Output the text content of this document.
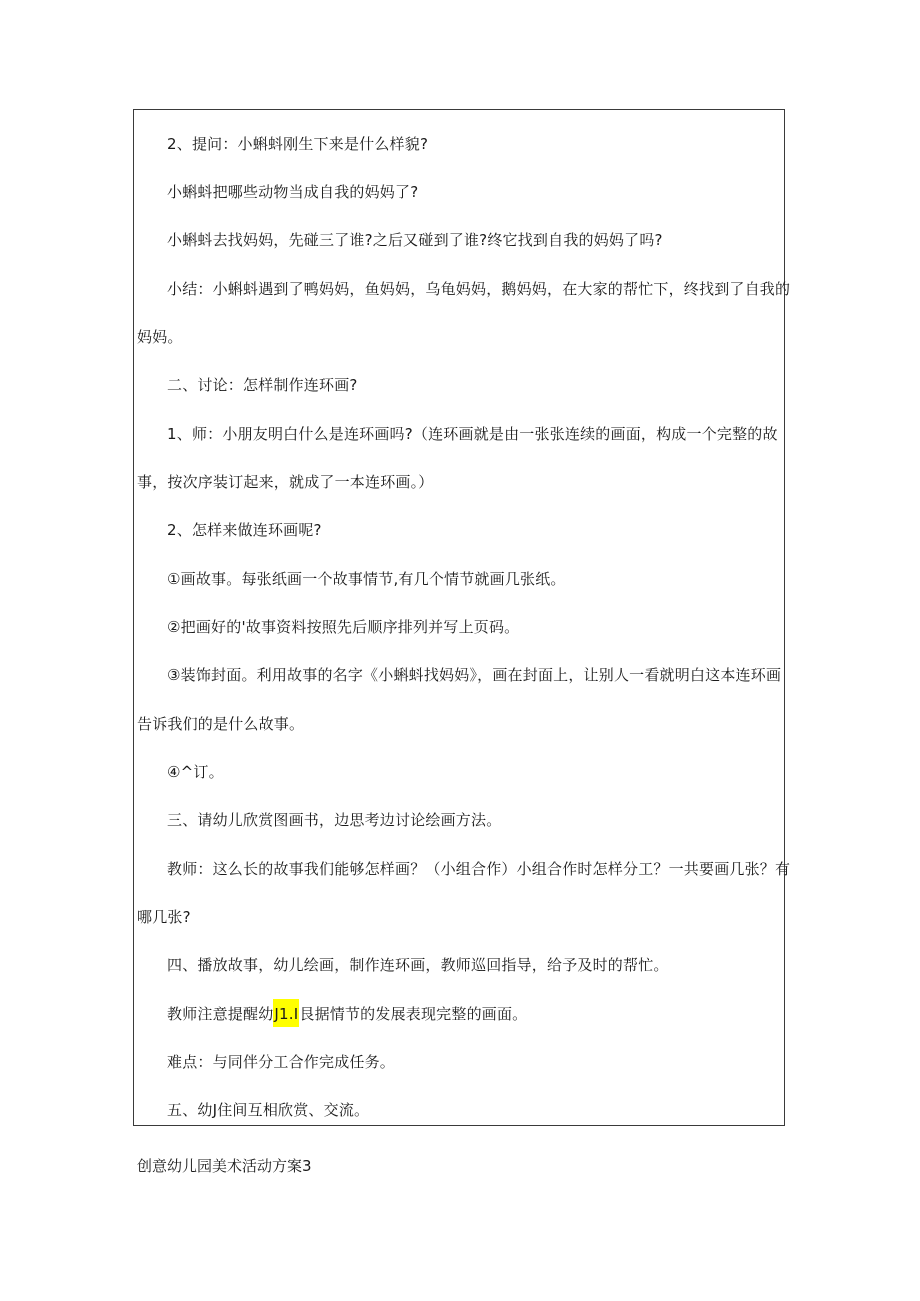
2、提问：小蝌蚪刚生下来是什么样貌?
小蝌蚪把哪些动物当成自我的妈妈了?
小蝌蚪去找妈妈，先碰三了谁?之后又碰到了谁?终它找到自我的妈妈了吗?
小结：小蝌蚪遇到了鸭妈妈，鱼妈妈，乌龟妈妈，鹅妈妈，在大家的帮忙下，终找到了自我的
妈妈。
二、讨论：怎样制作连环画?
1、师：小朋友明白什么是连环画吗?（连环画就是由一张张连续的画面，构成一个完整的故
事，按次序装订起来，就成了一本连环画。）
2、怎样来做连环画呢?
①画故事。每张纸画一个故事情节,有几个情节就画几张纸。
②把画好的'故事资料按照先后顺序排列并写上页码。
③装饰封面。利用故事的名字《小蝌蚪找妈妈》，画在封面上，让别人一看就明白这本连环画
告诉我们的是什么故事。
④^订。
三、请幼儿欣赏图画书，边思考边讨论绘画方法。
教师：这么长的故事我们能够怎样画？（小组合作）小组合作时怎样分工？一共要画几张？有
哪几张?
四、播放故事，幼儿绘画，制作连环画，教师巡回指导，给予及时的帮忙。
教师注意提醒幼J1.I艮据情节的发展表现完整的画面。
难点：与同伴分工合作完成任务。
五、幼J住间互相欣赏、交流。
创意幼儿园美术活动方案3
